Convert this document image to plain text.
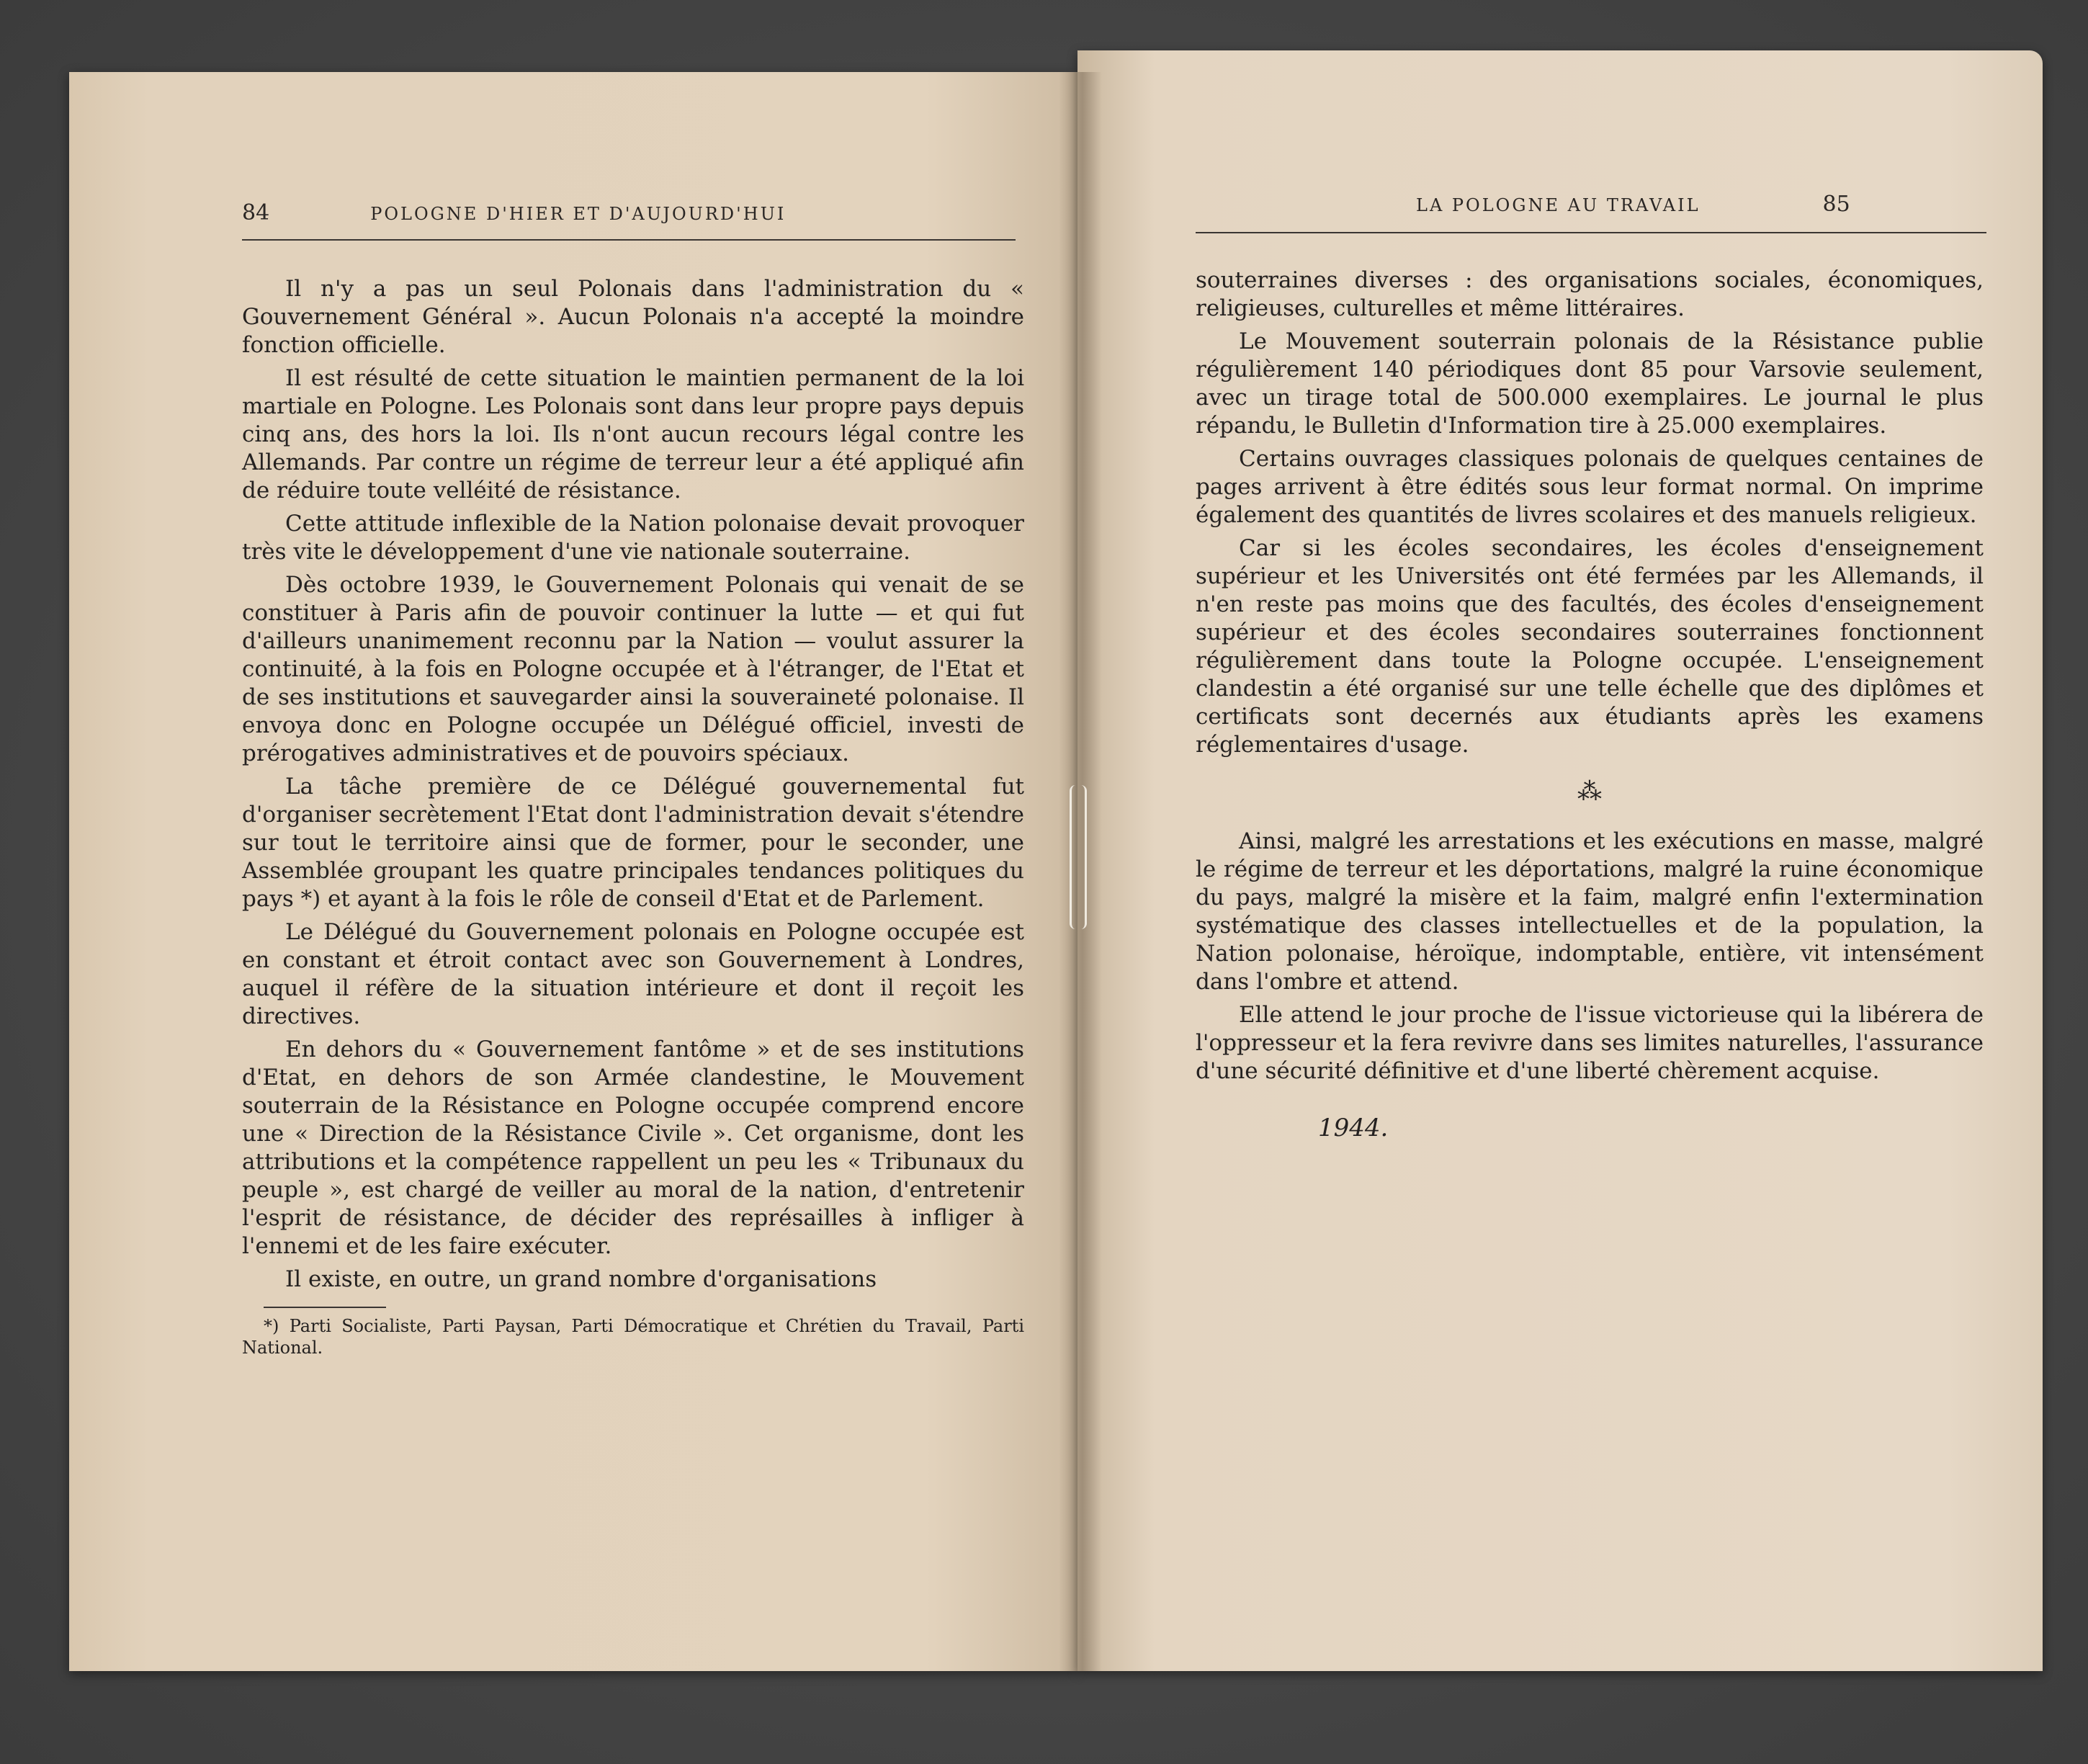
84	POLOGNE D'HIER ET D'AUJOURD'HUI

Il n'y a pas un seul Polonais dans l'administration du « Gouvernement Général ». Aucun Polonais n'a accepté la moindre fonction officielle.

Il est résulté de cette situation le maintien permanent de la loi martiale en Pologne. Les Polonais sont dans leur propre pays depuis cinq ans, des hors la loi. Ils n'ont aucun recours légal contre les Allemands. Par contre un régime de terreur leur a été appliqué afin de réduire toute velléité de résistance.

Cette attitude inflexible de la Nation polonaise devait provoquer très vite le développement d'une vie nationale souterraine.

Dès octobre 1939, le Gouvernement Polonais qui venait de se constituer à Paris afin de pouvoir continuer la lutte — et qui fut d'ailleurs unanimement reconnu par la Nation — voulut assurer la continuité, à la fois en Pologne occupée et à l'étranger, de l'Etat et de ses institutions et sauvegarder ainsi la souveraineté polonaise. Il envoya donc en Pologne occupée un Délégué officiel, investi de prérogatives administratives et de pouvoirs spéciaux.

La tâche première de ce Délégué gouvernemental fut d'organiser secrètement l'Etat dont l'administration devait s'étendre sur tout le territoire ainsi que de former, pour le seconder, une Assemblée groupant les quatre principales tendances politiques du pays *) et ayant à la fois le rôle de conseil d'Etat et de Parlement.

Le Délégué du Gouvernement polonais en Pologne occupée est en constant et étroit contact avec son Gouvernement à Londres, auquel il réfère de la situation intérieure et dont il reçoit les directives.

En dehors du « Gouvernement fantôme » et de ses institutions d'Etat, en dehors de son Armée clandestine, le Mouvement souterrain de la Résistance en Pologne occupée comprend encore une « Direction de la Résistance Civile ». Cet organisme, dont les attributions et la compétence rappellent un peu les « Tribunaux du peuple », est chargé de veiller au moral de la nation, d'entretenir l'esprit de résistance, de décider des représailles à infliger à l'ennemi et de les faire exécuter.

Il existe, en outre, un grand nombre d'organisations

*) Parti Socialiste, Parti Paysan, Parti Démocratique et Chrétien du Travail, Parti National.
LA POLOGNE AU TRAVAIL	85

souterraines diverses : des organisations sociales, économiques, religieuses, culturelles et même littéraires.

Le Mouvement souterrain polonais de la Résistance publie régulièrement 140 périodiques dont 85 pour Varsovie seulement, avec un tirage total de 500.000 exemplaires. Le journal le plus répandu, le Bulletin d'Information tire à 25.000 exemplaires.

Certains ouvrages classiques polonais de quelques centaines de pages arrivent à être édités sous leur format normal. On imprime également des quantités de livres scolaires et des manuels religieux.

Car si les écoles secondaires, les écoles d'enseignement supérieur et les Universités ont été fermées par les Allemands, il n'en reste pas moins que des facultés, des écoles d'enseignement supérieur et des écoles secondaires souterraines fonctionnent régulièrement dans toute la Pologne occupée. L'enseignement clandestin a été organisé sur une telle échelle que des diplômes et certificats sont decernés aux étudiants après les examens réglementaires d'usage.

⁂

Ainsi, malgré les arrestations et les exécutions en masse, malgré le régime de terreur et les déportations, malgré la ruine économique du pays, malgré la misère et la faim, malgré enfin l'extermination systématique des classes intellectuelles et de la population, la Nation polonaise, héroïque, indomptable, entière, vit intensément dans l'ombre et attend.

Elle attend le jour proche de l'issue victorieuse qui la libérera de l'oppresseur et la fera revivre dans ses limites naturelles, l'assurance d'une sécurité définitive et d'une liberté chèrement acquise.

1944.
